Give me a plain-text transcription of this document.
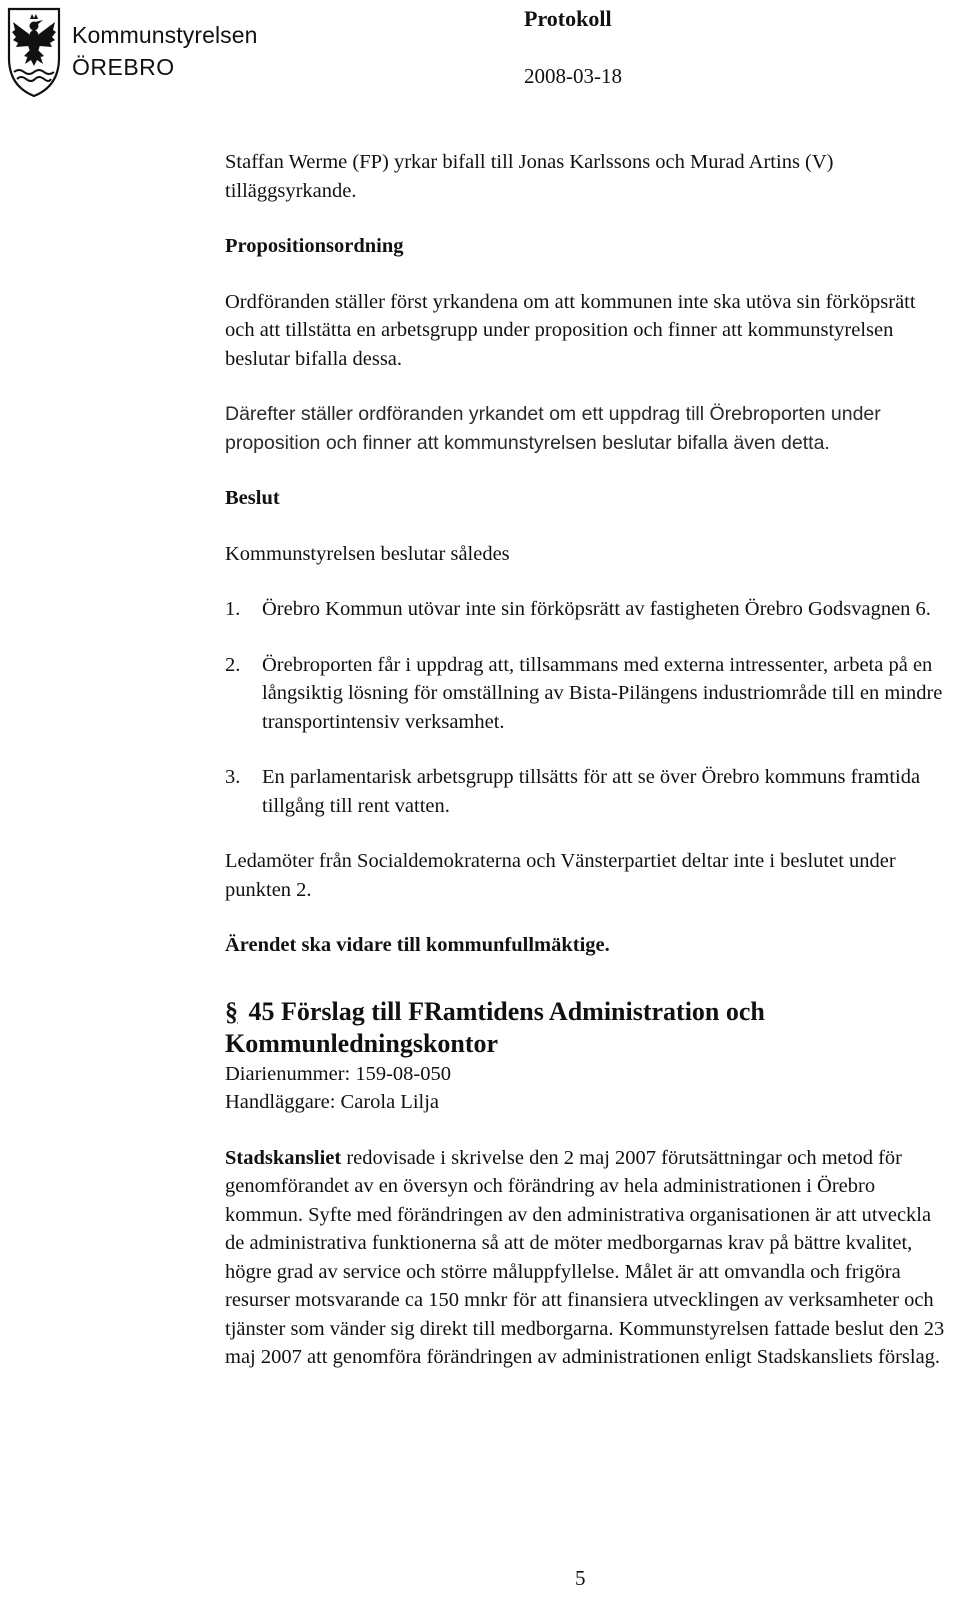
Kommunstyrelsen
ÖREBRO
Protokoll
2008-03-18

Staffan Werme (FP) yrkar bifall till Jonas Karlssons och Murad Artins (V) tilläggsyrkande.

Propositionsordning

Ordföranden ställer först yrkandena om att kommunen inte ska utöva sin förköpsrätt och att tillstätta en arbetsgrupp under proposition och finner att kommunstyrelsen beslutar bifalla dessa.

Därefter ställer ordföranden yrkandet om ett uppdrag till Örebroporten under proposition och finner att kommunstyrelsen beslutar bifalla även detta.

Beslut

Kommunstyrelsen beslutar således

1.	Örebro Kommun utövar inte sin förköpsrätt av fastigheten Örebro Godsvagnen 6.
2.	Örebroporten får i uppdrag att, tillsammans med externa intressenter, arbeta på en långsiktig lösning för omställning av Bista-Pilängens industriområde till en mindre transportintensiv verksamhet.
3.	En parlamentarisk arbetsgrupp tillsätts för att se över Örebro kommuns framtida tillgång till rent vatten.

Ledamöter från Socialdemokraterna och Vänsterpartiet deltar inte i beslutet under punkten 2.

Ärendet ska vidare till kommunfullmäktige.
§ 45 Förslag till FRamtidens Administration och Kommunledningskontor
Diarienummer: 159-08-050
Handläggare: Carola Lilja

Stadskansliet redovisade i skrivelse den 2 maj 2007 förutsättningar och metod för genomförandet av en översyn och förändring av hela administrationen i Örebro kommun. Syfte med förändringen av den administrativa organisationen är att utveckla de administrativa funktionerna så att de möter medborgarnas krav på bättre kvalitet, högre grad av service och större måluppfyllelse. Målet är att omvandla och frigöra resurser motsvarande ca 150 mnkr för att finansiera utvecklingen av verksamheter och tjänster som vänder sig direkt till medborgarna. Kommunstyrelsen fattade beslut den 23 maj 2007 att genomföra förändringen av administrationen enligt Stadskansliets förslag.

5
